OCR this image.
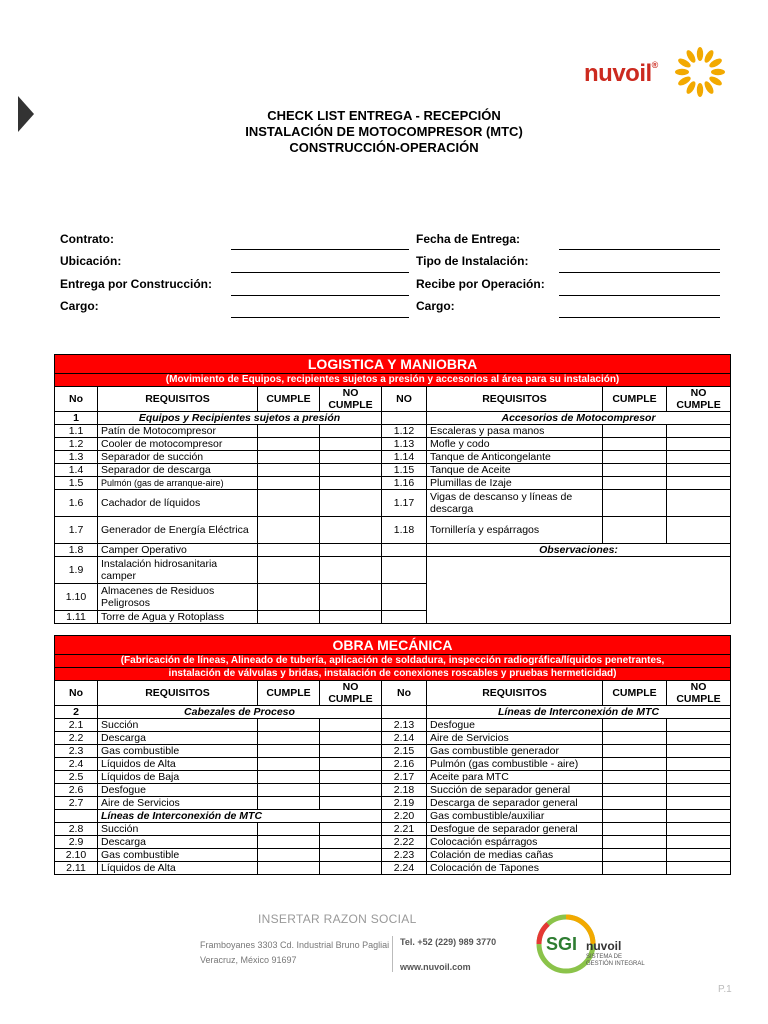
nuvoil®
CHECK LIST ENTREGA - RECEPCIÓN
INSTALACIÓN DE MOTOCOMPRESOR (MTC)
CONSTRUCCIÓN-OPERACIÓN
Contrato:
Ubicación:
Entrega por Construcción:
Cargo:
Fecha de Entrega:
Tipo de Instalación:
Recibe por Operación:
Cargo:
LOGISTICA Y MANIOBRA							
(Movimiento de Equipos, recipientes sujetos a presión y accesorios al área para su instalación)							
No	REQUISITOS	CUMPLE	NO CUMPLE	NO	REQUISITOS	CUMPLE	NO CUMPLE
1	Equipos y Recipientes sujetos a presión				Accesorios de Motocompresor		
1.1	Patín de Motocompresor			1.12	Escaleras y pasa manos		
1.2	Cooler de motocompresor			1.13	Mofle y codo		
1.3	Separador de succión			1.14	Tanque de Anticongelante		
1.4	Separador de descarga			1.15	Tanque de Aceite		
1.5	Pulmón (gas de arranque-aire)			1.16	Plumillas de Izaje		
1.6	Cachador de líquidos			1.17	Vigas de descanso y líneas de descarga		
1.7	Generador de Energía Eléctrica			1.18	Tornillería y espárragos		
1.8	Camper Operativo				Observaciones:		
1.9	Instalación hidrosanitaria camper						
1.10	Almacenes de Residuos Peligrosos						
1.11	Torre de Agua y Rotoplass						
OBRA MECÁNICA							
(Fabricación de líneas, Alineado de tubería, aplicación de soldadura, inspección radiográfica/líquidos penetrantes,							
instalación de válvulas y bridas, instalación de conexiones roscables y pruebas hermeticidad)							
No	REQUISITOS	CUMPLE	NO CUMPLE	No	REQUISITOS	CUMPLE	NO CUMPLE
2	Cabezales de Proceso				Líneas de Interconexión de MTC		
2.1	Succión			2.13	Desfogue		
2.2	Descarga			2.14	Aire de Servicios		
2.3	Gas combustible			2.15	Gas combustible generador		
2.4	Líquidos de Alta			2.16	Pulmón (gas combustible - aire)		
2.5	Líquidos de Baja			2.17	Aceite para MTC		
2.6	Desfogue			2.18	Succión de separador general		
2.7	Aire de Servicios			2.19	Descarga de separador general		
	Líneas de Interconexión de MTC			2.20	Gas combustible/auxiliar		
2.8	Succión			2.21	Desfogue de separador general		
2.9	Descarga			2.22	Colocación espárragos		
2.10	Gas combustible			2.23	Colación de medias cañas		
2.11	Líquidos de Alta			2.24	Colocación de Tapones		
INSERTAR RAZON SOCIAL
Framboyanes 3303 Cd. Industrial Bruno Pagliai
Veracruz, México 91697
Tel. +52 (229) 989 3770
www.nuvoil.com
SGI nuvoil
SISTEMA DE
GESTIÓN INTEGRAL
P.1
